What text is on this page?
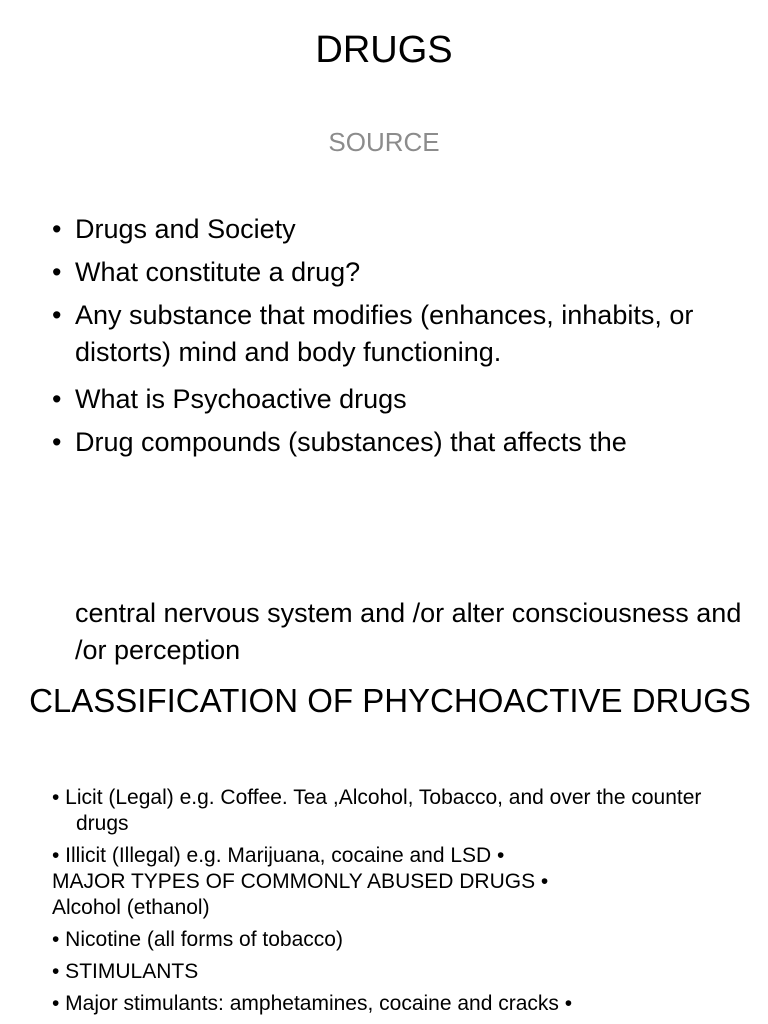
DRUGS
SOURCE
• Drugs and Society
• What constitute a drug?
• Any substance that modifies (enhances, inhabits, or distorts) mind and body functioning.
• What is Psychoactive drugs
• Drug compounds (substances) that affects the
central nervous system and /or alter consciousness and /or perception
CLASSIFICATION OF PHYCHOACTIVE DRUGS
• Licit (Legal) e.g. Coffee. Tea ,Alcohol, Tobacco, and over the counter drugs
• Illicit (Illegal) e.g. Marijuana, cocaine and LSD •
MAJOR TYPES OF COMMONLY ABUSED DRUGS •
Alcohol (ethanol)
• Nicotine (all forms of tobacco)
• STIMULANTS
• Major stimulants: amphetamines, cocaine and cracks •
